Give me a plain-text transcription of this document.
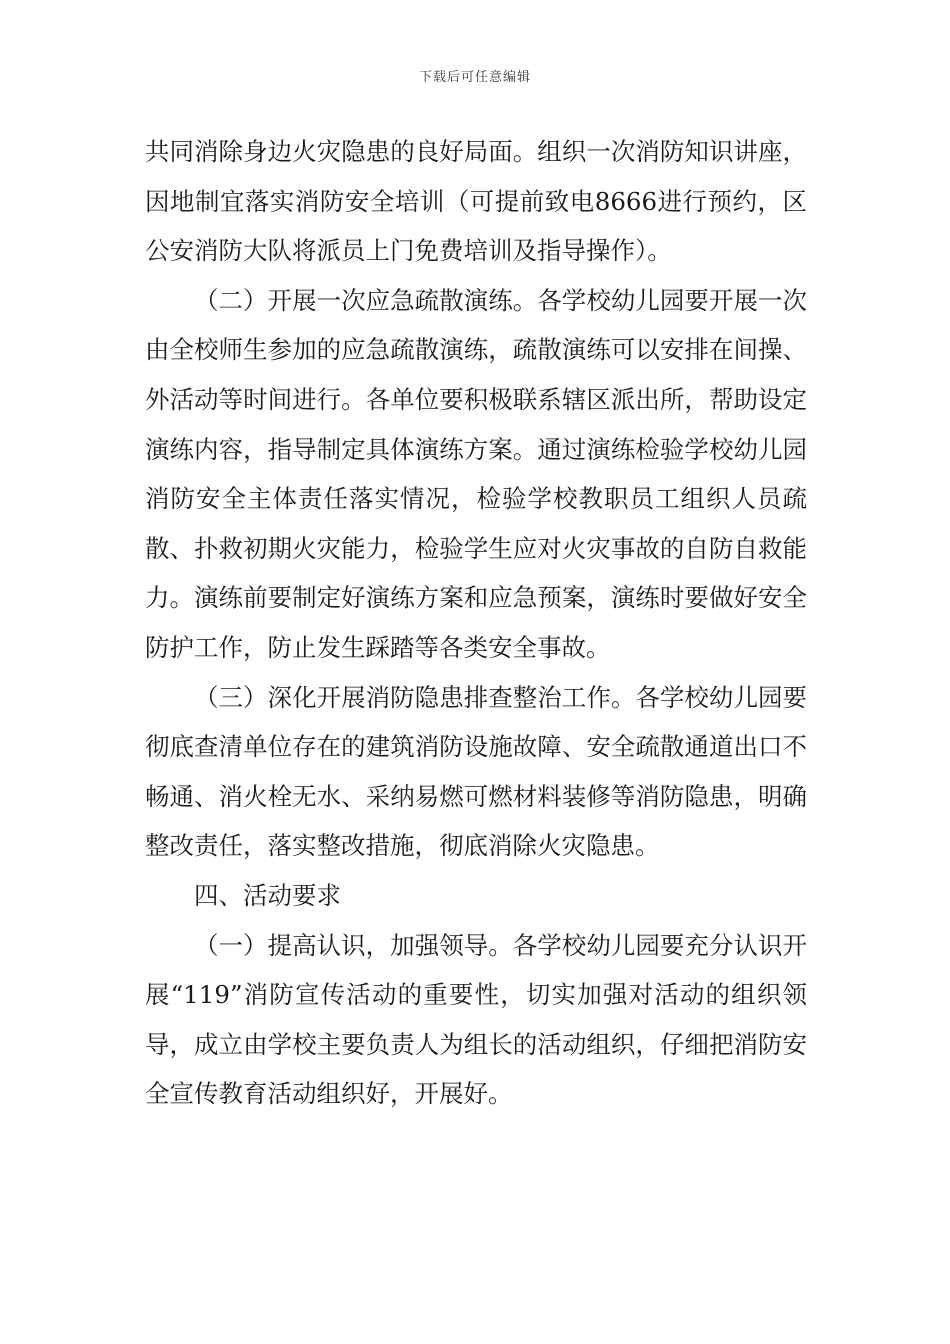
下载后可任意编辑

共同消除身边火灾隐患的良好局面。组织一次消防知识讲座，因地制宜落实消防安全培训（可提前致电8666进行预约，区公安消防大队将派员上门免费培训及指导操作）。

（二）开展一次应急疏散演练。各学校幼儿园要开展一次由全校师生参加的应急疏散演练，疏散演练可以安排在间操、外活动等时间进行。各单位要积极联系辖区派出所，帮助设定演练内容，指导制定具体演练方案。通过演练检验学校幼儿园消防安全主体责任落实情况，检验学校教职员工组织人员疏散、扑救初期火灾能力，检验学生应对火灾事故的自防自救能力。演练前要制定好演练方案和应急预案，演练时要做好安全防护工作，防止发生踩踏等各类安全事故。

（三）深化开展消防隐患排查整治工作。各学校幼儿园要彻底查清单位存在的建筑消防设施故障、安全疏散通道出口不畅通、消火栓无水、采纳易燃可燃材料装修等消防隐患，明确整改责任，落实整改措施，彻底消除火灾隐患。

四、活动要求

（一）提高认识，加强领导。各学校幼儿园要充分认识开展“119”消防宣传活动的重要性，切实加强对活动的组织领导，成立由学校主要负责人为组长的活动组织，仔细把消防安全宣传教育活动组织好，开展好。
